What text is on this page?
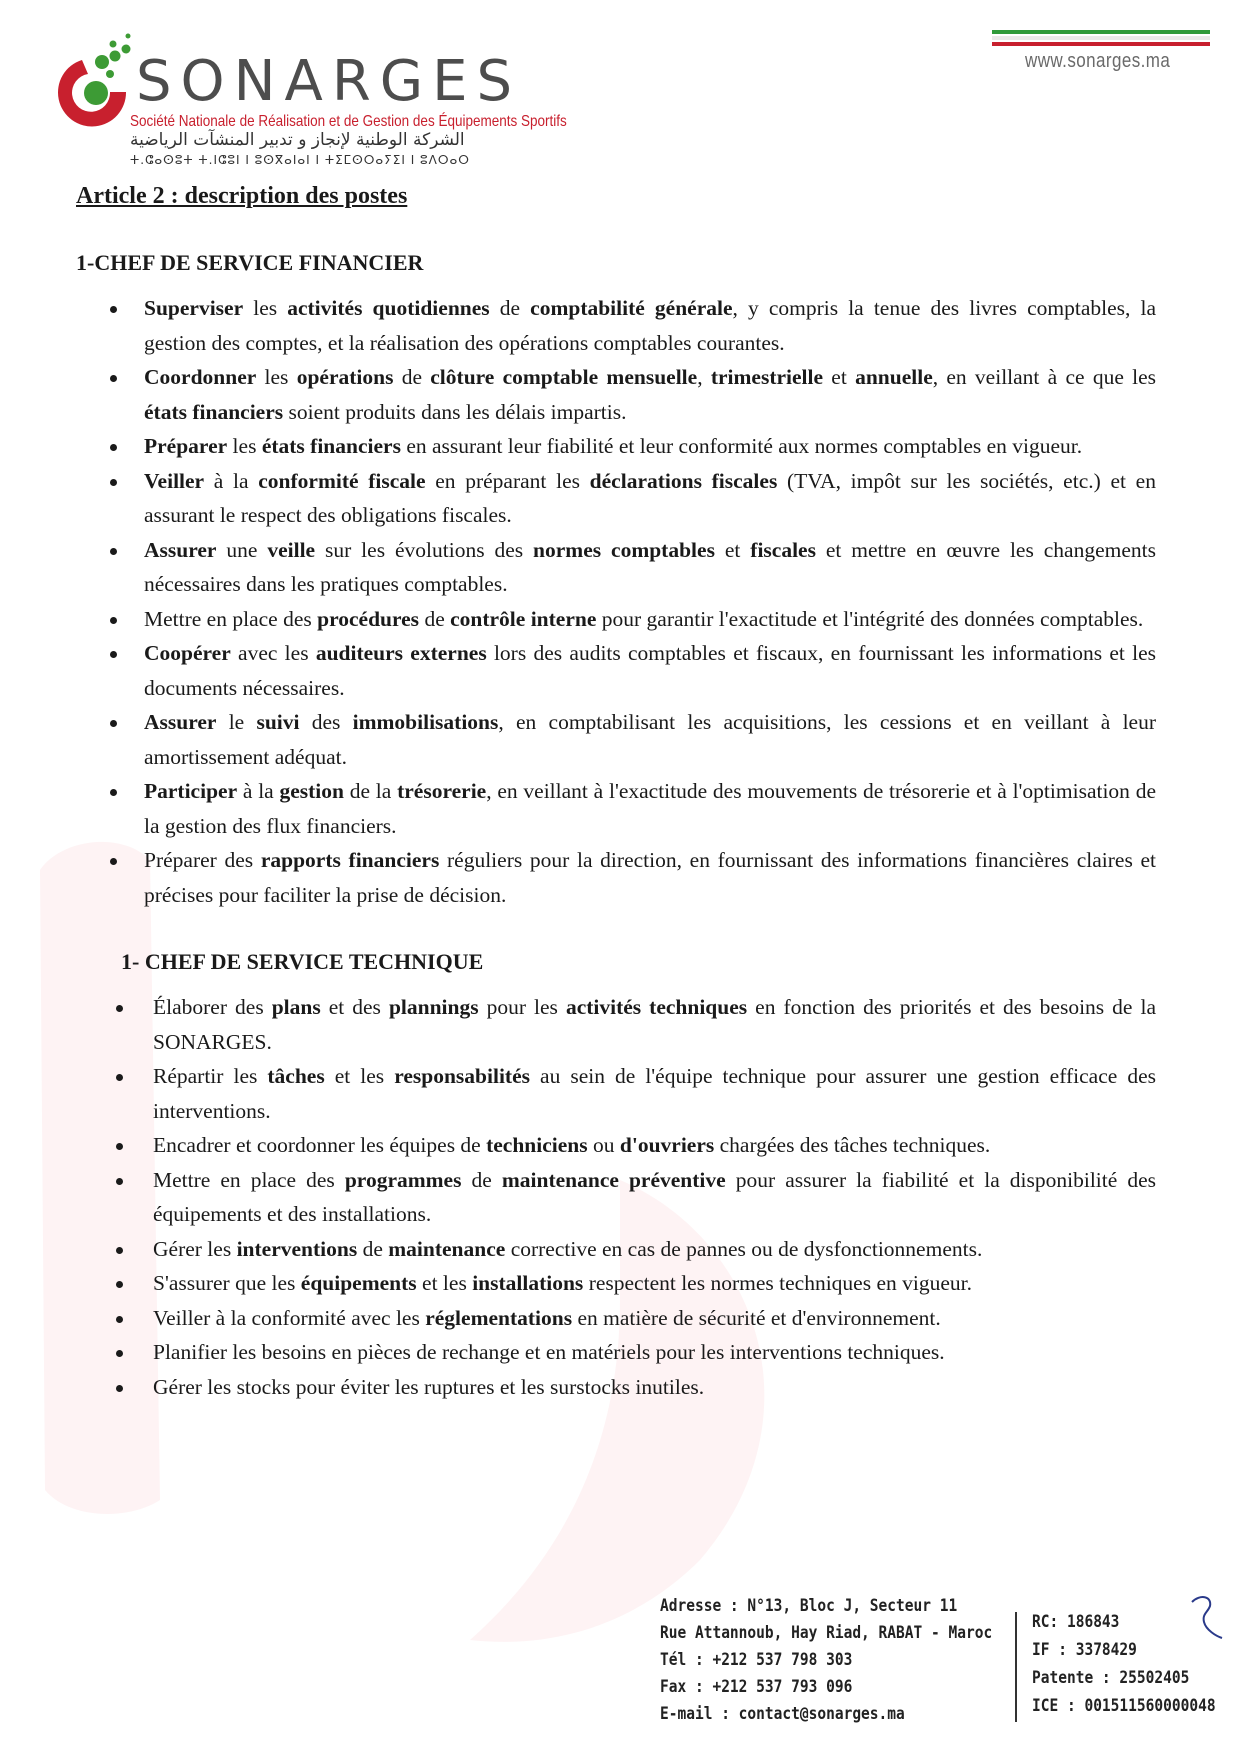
SONARGES
Société Nationale de Réalisation et de Gestion des Équipements Sportifs
الشركة الوطنية لإنجاز و تدبير المنشآت الرياضية
ⵜ.ⵛⴰⵙⵓⵜ ⵜ.ⵏⵛⵓⵏ ⵏ ⵓⵙⴳⴰⵏⴰⵏ ⵏ ⵜⵉⵎⵙⵔⴰⵢⵉⵏ ⵏ ⵓⴷⵔⴰⵔ
www.sonarges.ma
Article 2 : description des postes
1-CHEF DE SERVICE FINANCIER
Superviser les activités quotidiennes de comptabilité générale, y compris la tenue des livres comptables, la gestion des comptes, et la réalisation des opérations comptables courantes.
Coordonner les opérations de clôture comptable mensuelle, trimestrielle et annuelle, en veillant à ce que les états financiers soient produits dans les délais impartis.
Préparer les états financiers en assurant leur fiabilité et leur conformité aux normes comptables en vigueur.
Veiller à la conformité fiscale en préparant les déclarations fiscales (TVA, impôt sur les sociétés, etc.) et en assurant le respect des obligations fiscales.
Assurer une veille sur les évolutions des normes comptables et fiscales et mettre en œuvre les changements nécessaires dans les pratiques comptables.
Mettre en place des procédures de contrôle interne pour garantir l'exactitude et l'intégrité des données comptables.
Coopérer avec les auditeurs externes lors des audits comptables et fiscaux, en fournissant les informations et les documents nécessaires.
Assurer le suivi des immobilisations, en comptabilisant les acquisitions, les cessions et en veillant à leur amortissement adéquat.
Participer à la gestion de la trésorerie, en veillant à l'exactitude des mouvements de trésorerie et à l'optimisation de la gestion des flux financiers.
Préparer des rapports financiers réguliers pour la direction, en fournissant des informations financières claires et précises pour faciliter la prise de décision.
1- CHEF DE SERVICE TECHNIQUE
Élaborer des plans et des plannings pour les activités techniques en fonction des priorités et des besoins de la SONARGES.
Répartir les tâches et les responsabilités au sein de l'équipe technique pour assurer une gestion efficace des interventions.
Encadrer et coordonner les équipes de techniciens ou d'ouvriers chargées des tâches techniques.
Mettre en place des programmes de maintenance préventive pour assurer la fiabilité et la disponibilité des équipements et des installations.
Gérer les interventions de maintenance corrective en cas de pannes ou de dysfonctionnements.
S'assurer que les équipements et les installations respectent les normes techniques en vigueur.
Veiller à la conformité avec les réglementations en matière de sécurité et d'environnement.
Planifier les besoins en pièces de rechange et en matériels pour les interventions techniques.
Gérer les stocks pour éviter les ruptures et les surstocks inutiles.
Adresse : N°13, Bloc J, Secteur 11
Rue Attannoub, Hay Riad, RABAT - Maroc
Tél : +212 537 798 303
Fax : +212 537 793 096
E-mail : contact@sonarges.ma
RC: 186843
IF : 3378429
Patente : 25502405
ICE : 001511560000048
